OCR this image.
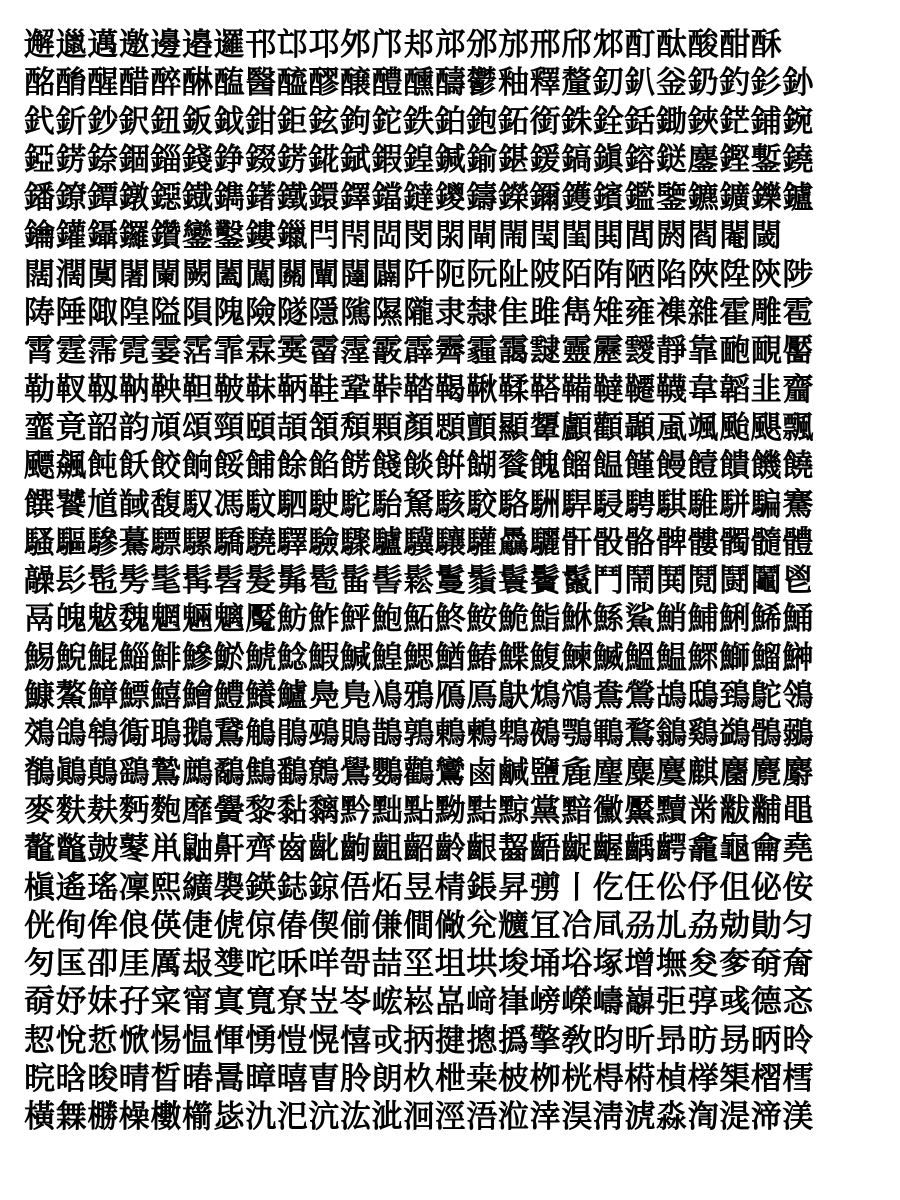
邂邋邁邀邊邉邏邗邙邛邜邝邞邟邠邡邢邤邥酊酞酸酣酥
酩酳醒醋醉醂醢醫醯醪醸醴醺醻鬱釉釋釐釖釟釡釢釣釤釥
釴釿鈔鈬鈕鈑鉞鉗鉅鉉鉤鉈鉄鉑鉋鉐銜銖銓銛鋤鋏鋩鋪鋺
錏錺錼錮錙錢錚錣錺錵錻鍜鍠鍼鍮鍖鍰鎬鎭鎔鎹鏖鏗鏨鐃
鐇鐐鐔鐓鐚鐡鐫鐯鐵鐶鐸鐺鐽鑁鑄鑅鑈鑊鑌鑑鑒鑣鑛鑠鑪
鑰鑵鑷鑼鑽鑾鑿鏤鑞閂閇閊閔閖閘閙閠閨閧閭閼閻閹閾
闊濶闃闍闌闕闔闖關闡闥闢阡阨阮阯陂陌陏陋陷陜陞陝陟
陦陲陬隍隘隕隗險隧隱隲隰隴隶隸隹雎雋雉雍襍雜霍雕雹
霄霆霈霓霎霑霏霖霙霤霪霰霹霽霾靄靆靈靂靉靜靠靤靦靨
勒靫靱靹鞅靼鞁靺鞆鞋鞏鞐鞜鞨鞦鞣鞳鞴韃韆韈韋韜韭齏
韲竟韶韵頏頌頸頤頡頷頽顆顏顋顫顯顰顱顴顳颪颯颱颶飄
飃飆飩飫餃餉餒餔餘餡餝餞餤餠餬餮餽餾饂饉饅饐饋饑饒
饌饕馗馘馥馭馮馼駟駛駝駘駑駭駮駱駲駻駸騁騏騅駢騙騫
騷驅驂驀驃騾驕驍驛驗驟驢驥驤驩驫驪骭骰骼髀髏髑髓體
髞髟髢髣髦髯髫髮髴髱髷髻鬆鬘鬚鬟鬢鬣鬥鬧鬨鬩鬪鬮鬯
鬲魄魃魏魍魎魑魘魴鮓鮃鮑鮖鮗鮟鮠鮨鮴鯀鯊鮹鯆鯏鯑鯒
鯣鯢鯤鯔鯡鰺鯲鯱鯰鰕鰔鰉鰓鰌鰆鰈鰒鰊鰄鰮鰛鰥鰤鰡鰰
鱇鰲鱆鰾鱚鱠鱧鱶鱸鳧鳬鳰鴉鴈鳫鴃鴆鴪鴦鶯鴣鴟鵄鴕鴒
鵁鴿鴾鵆鵈鵝鵞鵤鵑鵐鵙鵲鶉鶇鶫鵯鵺鶚鶤鶩鶲鷄鷁鶻鶸
鶺鷆鷏鷂鷙鷓鷸鷦鷭鷯鷽鸚鸛鸞鹵鹹鹽麁麈麋麌麒麕麑麝
麥麩麸麪麭靡黌黎黏黐黔黜點黝黠黥黨黯黴黶黷黹黻黼黽
鼇鼈皷鼕鼡鼬鼾齊齒齔齣齟齠齡齦齧齬齪齷齲齶龕龜龠堯
槇遙瑤凜熙纊褜鍈鋕鍄俉炻昱棈鋹昇彅丨仡仼伀伃伹佖侒
侊侚侔俍偀倢俿倞偆偰偂傔僴僘兊兤冝冾凬刕劜劦勀勛匀
匇匤卲厓厲叝﨎咜咊咩哿喆坙坥垬埈埇﨏塚增墲夋奓奛奝
奣妤妺孖寀甯寘寬尞岦岺峵崧嵓﨑嵂嵭嶸嶹巐弡弴彧德忞
恝悅悊惞惕愠惲愑愷愰憘戓抦揵摠撝擎敎昀昕昻昉昮昞昤
晥晗晙晴晳暙暠暲暿曺朎朗杦枻桒柀栁桄棏﨓楨﨔榘槢樰
橫橆橳橾櫢櫤毖氿汜沆汯泚洄涇浯涖涬淏淸淲淼渹湜渧渼
